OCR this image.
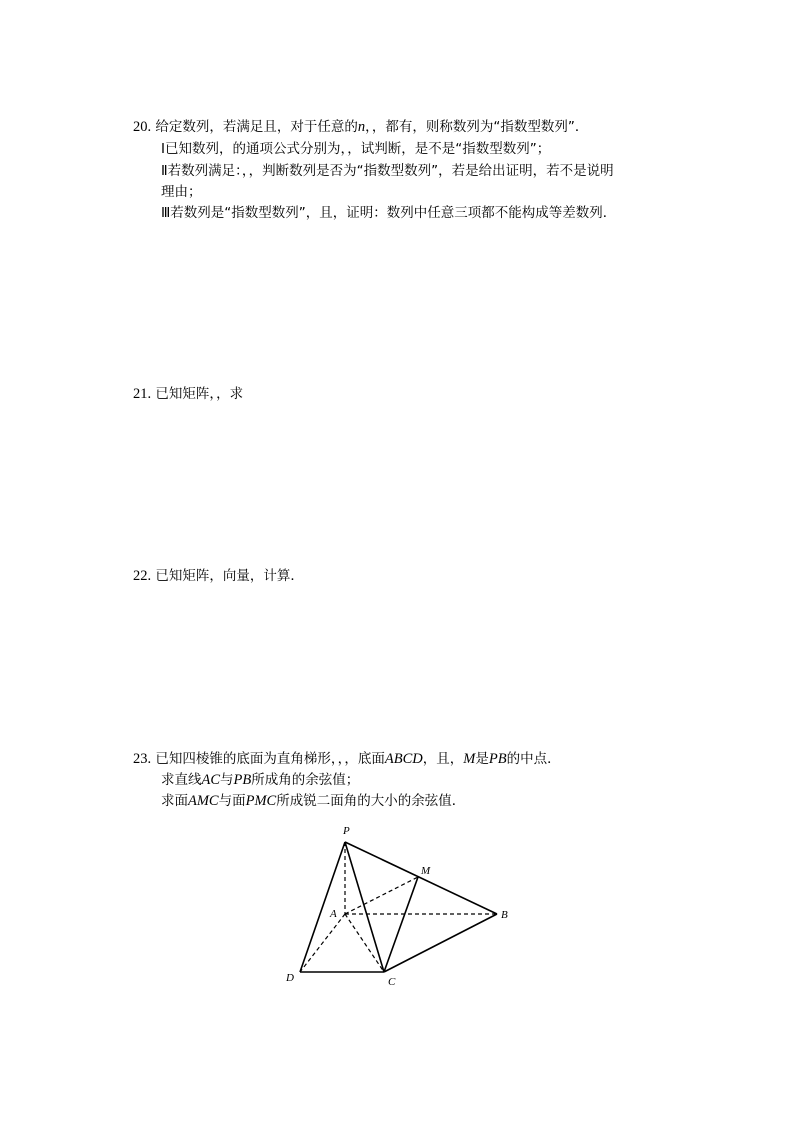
20. 给定数列，若满足且，对于任意的n，，都有，则称数列为“指数型数列”．
Ⅰ已知数列，的通项公式分别为，，试判断，是不是“指数型数列”；
Ⅱ若数列满足：，，判断数列是否为“指数型数列”，若是给出证明，若不是说明
理由；
Ⅲ若数列是“指数型数列”，且，证明：数列中任意三项都不能构成等差数列．
21. 已知矩阵，，求
22. 已知矩阵，向量，计算．
23. 已知四棱锥的底面为直角梯形，，，底面ABCD，且，M是PB的中点．
求直线AC与PB所成角的余弦值；
求面AMC与面PMC所成锐二面角的大小的余弦值．
P
M
A	B
D	C
